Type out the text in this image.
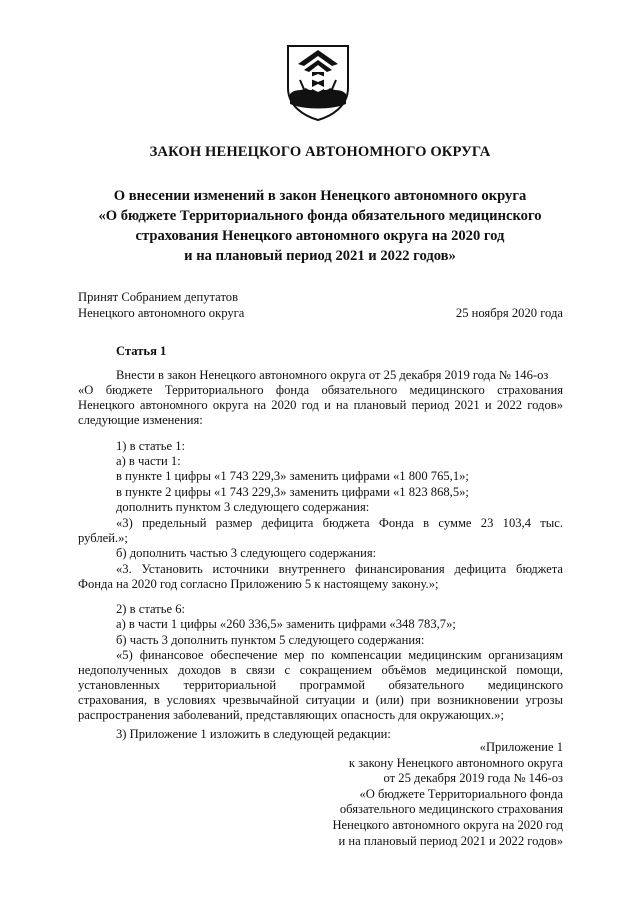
ЗАКОН НЕНЕЦКОГО АВТОНОМНОГО ОКРУГА
О внесении изменений в закон Ненецкого автономного округа
«О бюджете Территориального фонда обязательного медицинского
страхования Ненецкого автономного округа на 2020 год
и на плановый период 2021 и 2022 годов»
Принят Собранием депутатов
Ненецкого автономного округа	25 ноября 2020 года
Статья 1
Внести в закон Ненецкого автономного округа от 25 декабря 2019 года № 146-оз
«О бюджете Территориального фонда обязательного медицинского страхования
Ненецкого автономного округа на 2020 год и на плановый период 2021 и 2022 годов»
следующие изменения:
1) в статье 1:
а) в части 1:
в пункте 1 цифры «1 743 229,3» заменить цифрами «1 800 765,1»;
в пункте 2 цифры «1 743 229,3» заменить цифрами «1 823 868,5»;
дополнить пунктом 3 следующего содержания:
«3) предельный размер дефицита бюджета Фонда в сумме 23 103,4 тыс.
рублей.»;
б) дополнить частью 3 следующего содержания:
«3. Установить источники внутреннего финансирования дефицита бюджета
Фонда на 2020 год согласно Приложению 5 к настоящему закону.»;
2) в статье 6:
а) в части 1 цифры «260 336,5» заменить цифрами «348 783,7»;
б) часть 3 дополнить пунктом 5 следующего содержания:
«5) финансовое обеспечение мер по компенсации медицинским организациям
недополученных доходов в связи с сокращением объёмов медицинской помощи,
установленных территориальной программой обязательного медицинского
страхования, в условиях чрезвычайной ситуации и (или) при возникновении угрозы
распространения заболеваний, представляющих опасность для окружающих.»;
3) Приложение 1 изложить в следующей редакции:
«Приложение 1
к закону Ненецкого автономного округа
от 25 декабря 2019 года № 146-оз
«О бюджете Территориального фонда
обязательного медицинского страхования
Ненецкого автономного округа на 2020 год
и на плановый период 2021 и 2022 годов»
